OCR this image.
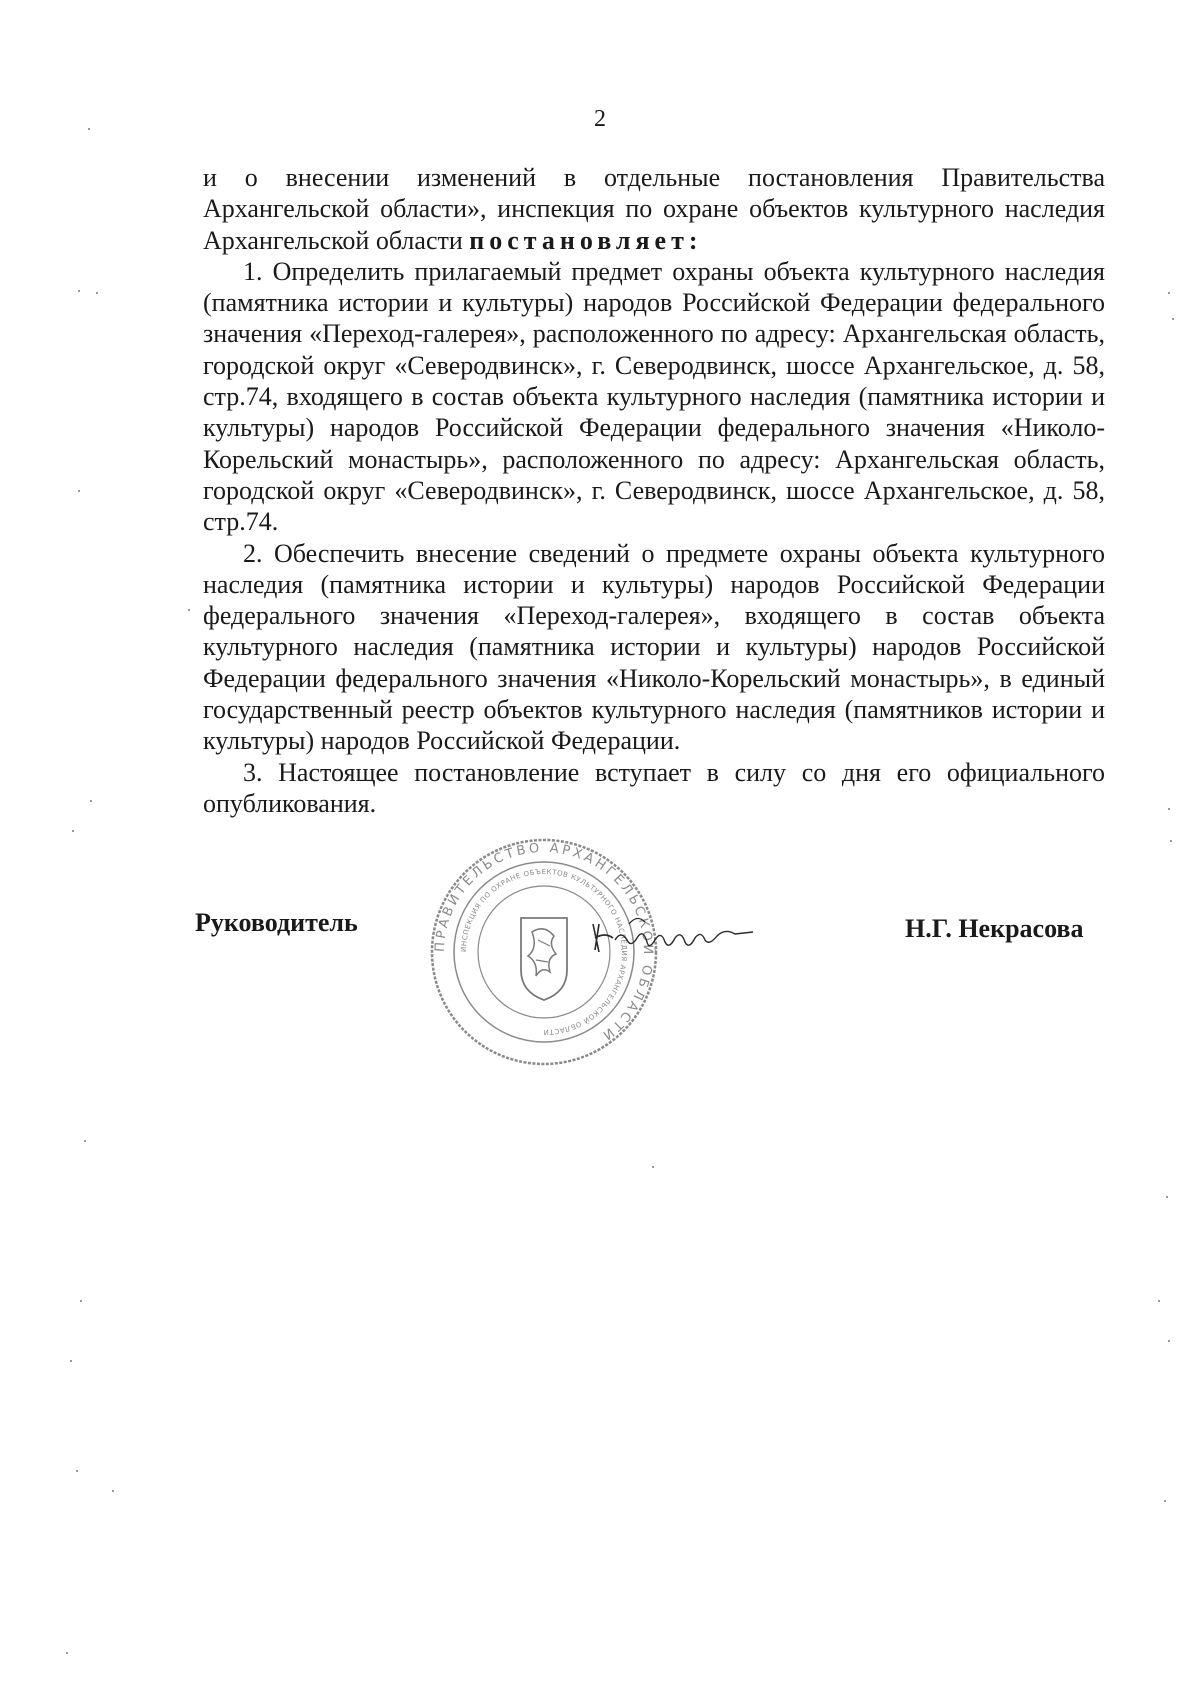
2

и о внесении изменений в отдельные постановления Правительства Архангельской области», инспекция по охране объектов культурного наследия Архангельской области постановляет:

1. Определить прилагаемый предмет охраны объекта культурного наследия (памятника истории и культуры) народов Российской Федерации федерального значения «Переход-галерея», расположенного по адресу: Архангельская область, городской округ «Северодвинск», г. Северодвинск, шоссе Архангельское, д. 58, стр.74, входящего в состав объекта культурного наследия (памятника истории и культуры) народов Российской Федерации федерального значения «Николо-Корельский монастырь», расположенного по адресу: Архангельская область, городской округ «Северодвинск», г. Северодвинск, шоссе Архангельское, д. 58, стр.74.

2. Обеспечить внесение сведений о предмете охраны объекта культурного наследия (памятника истории и культуры) народов Российской Федерации федерального значения «Переход-галерея», входящего в состав объекта культурного наследия (памятника истории и культуры) народов Российской Федерации федерального значения «Николо-Корельский монастырь», в единый государственный реестр объектов культурного наследия (памятников истории и культуры) народов Российской Федерации.

3. Настоящее постановление вступает в силу со дня его официального опубликования.

Руководитель
ПРАВИТЕЛЬСТВО АРХАНГЕЛЬСКОЙ ОБЛАСТИ
ИНСПЕКЦИЯ ПО ОХРАНЕ ОБЪЕКТОВ КУЛЬТУРНОГО НАСЛЕДИЯ АРХАНГЕЛЬСКОЙ ОБЛАСТИ
Н.Г. Некрасова
